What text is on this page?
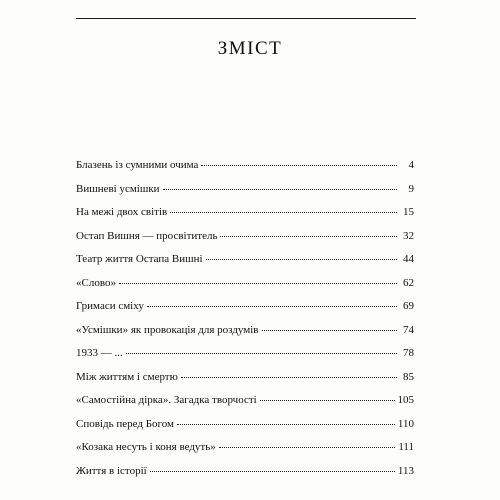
ЗМІСТ
Блазень із сумними очима	4
Вишневі усмішки	9
На межі двох світів	15
Остап Вишня — просвітитель	32
Театр життя Остапа Вишні	44
«Слово»	62
Гримаси сміху	69
«Усмішки» як провокація для роздумів	74
1933 — ...	78
Між життям і смертю	85
«Самостійна дірка». Загадка творчості	105
Сповідь перед Богом	110
«Козака несуть і коня ведуть»	111
Життя в історії	113
